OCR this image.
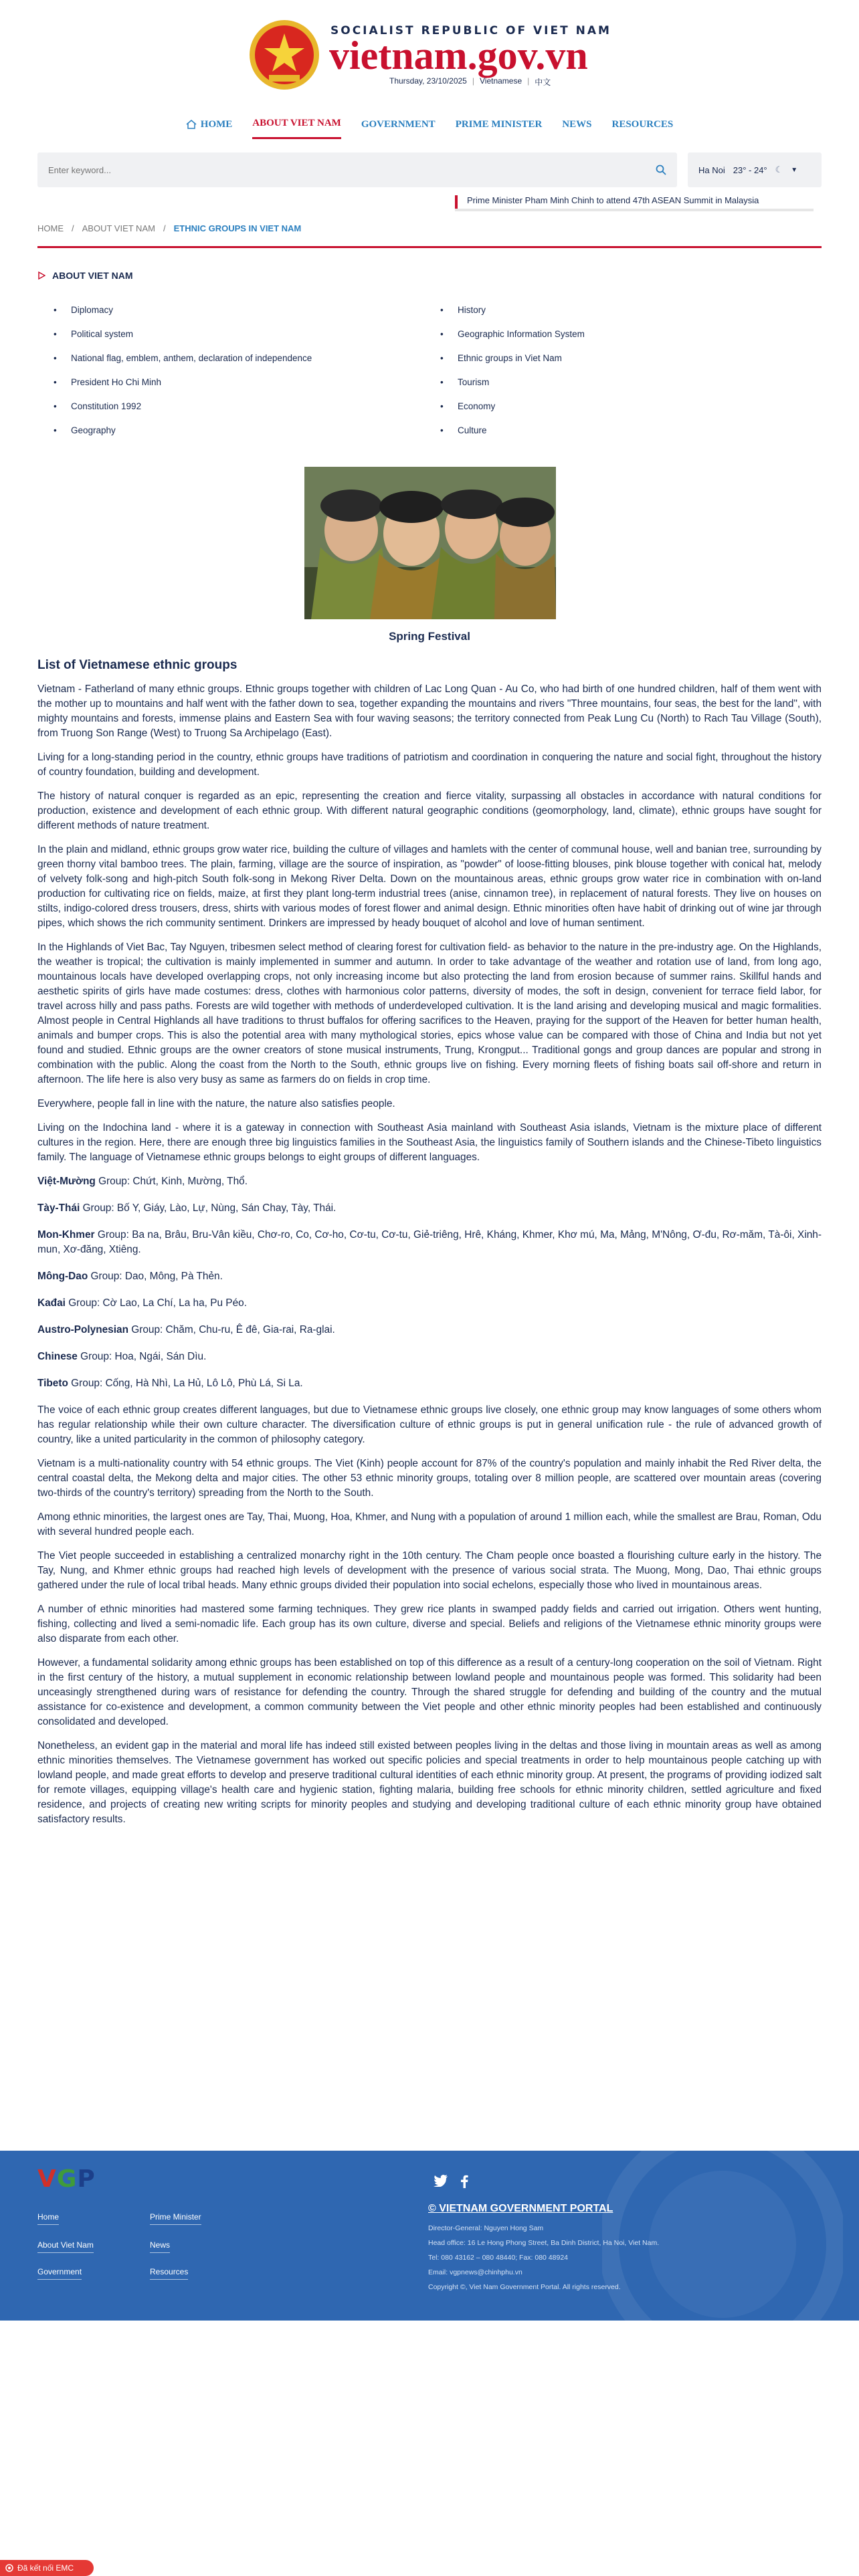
SOCIALIST REPUBLIC OF VIET NAM
vietnam.gov.vn
Thursday, 23/10/2025 | Vietnamese | 中文
HOME ABOUT VIET NAM GOVERNMENT PRIME MINISTER NEWS RESOURCES
Enter keyword...
Ha Noi 23° - 24° ☾ ▼
Prime Minister Pham Minh Chinh to attend 47th ASEAN Summit in Malaysia
HOME / ABOUT VIET NAM / ETHNIC GROUPS IN VIET NAM
ABOUT VIET NAM
• Diplomacy
• Political system
• National flag, emblem, anthem, declaration of independence
• President Ho Chi Minh
• Constitution 1992
• Geography
• History
• Geographic Information System
• Ethnic groups in Viet Nam
• Tourism
• Economy
• Culture
Spring Festival
List of Vietnamese ethnic groups

Vietnam - Fatherland of many ethnic groups. Ethnic groups together with children of Lac Long Quan - Au Co, who had birth of one hundred children, half of them went with the mother up to mountains and half went with the father down to sea, together expanding the mountains and rivers "Three mountains, four seas, the best for the land", with mighty mountains and forests, immense plains and Eastern Sea with four waving seasons; the territory connected from Peak Lung Cu (North) to Rach Tau Village (South), from Truong Son Range (West) to Truong Sa Archipelago (East).

Living for a long-standing period in the country, ethnic groups have traditions of patriotism and coordination in conquering the nature and social fight, throughout the history of country foundation, building and development.

The history of natural conquer is regarded as an epic, representing the creation and fierce vitality, surpassing all obstacles in accordance with natural conditions for production, existence and development of each ethnic group. With different natural geographic conditions (geomorphology, land, climate), ethnic groups have sought for different methods of nature treatment.

In the plain and midland, ethnic groups grow water rice, building the culture of villages and hamlets with the center of communal house, well and banian tree, surrounding by green thorny vital bamboo trees. The plain, farming, village are the source of inspiration, as "powder" of loose-fitting blouses, pink blouse together with conical hat, melody of velvety folk-song and high-pitch South folk-song in Mekong River Delta. Down on the mountainous areas, ethnic groups grow water rice in combination with on-land production for cultivating rice on fields, maize, at first they plant long-term industrial trees (anise, cinnamon tree), in replacement of natural forests. They live on houses on stilts, indigo-colored dress trousers, dress, shirts with various modes of forest flower and animal design. Ethnic minorities often have habit of drinking out of wine jar through pipes, which shows the rich community sentiment. Drinkers are impressed by heady bouquet of alcohol and love of human sentiment.

In the Highlands of Viet Bac, Tay Nguyen, tribesmen select method of clearing forest for cultivation field- as behavior to the nature in the pre-industry age. On the Highlands, the weather is tropical; the cultivation is mainly implemented in summer and autumn. In order to take advantage of the weather and rotation use of land, from long ago, mountainous locals have developed overlapping crops, not only increasing income but also protecting the land from erosion because of summer rains. Skillful hands and aesthetic spirits of girls have made costumes: dress, clothes with harmonious color patterns, diversity of modes, the soft in design, convenient for terrace field labor, for travel across hilly and pass paths. Forests are wild together with methods of underdeveloped cultivation. It is the land arising and developing musical and magic formalities. Almost people in Central Highlands all have traditions to thrust buffalos for offering sacrifices to the Heaven, praying for the support of the Heaven for better human health, animals and bumper crops. This is also the potential area with many mythological stories, epics whose value can be compared with those of China and India but not yet found and studied. Ethnic groups are the owner creators of stone musical instruments, Trung, Krongput... Traditional gongs and group dances are popular and strong in combination with the public. Along the coast from the North to the South, ethnic groups live on fishing. Every morning fleets of fishing boats sail off-shore and return in afternoon. The life here is also very busy as same as farmers do on fields in crop time.

Everywhere, people fall in line with the nature, the nature also satisfies people.

Living on the Indochina land - where it is a gateway in connection with Southeast Asia mainland with Southeast Asia islands, Vietnam is the mixture place of different cultures in the region. Here, there are enough three big linguistics families in the Southeast Asia, the linguistics family of Southern islands and the Chinese-Tibeto linguistics family. The language of Vietnamese ethnic groups belongs to eight groups of different languages.

Việt-Mường Group: Chứt, Kinh, Mường, Thổ.

Tày-Thái Group: Bố Y, Giáy, Lào, Lự, Nùng, Sán Chay, Tày, Thái.

Mon-Khmer Group: Ba na, Brâu, Bru-Vân kiều, Chơ-ro, Co, Cơ-ho, Cơ-tu, Cơ-tu, Giẻ-triêng, Hrê, Kháng, Khmer, Khơ mú, Ma, Mảng, M'Nông, Ơ-đu, Rơ-măm, Tà-ôi, Xinh-mun, Xơ-đăng, Xtiêng.

Mông-Dao Group: Dao, Mông, Pà Thẻn.

Kađai Group: Cờ Lao, La Chí, La ha, Pu Péo.

Austro-Polynesian Group: Chăm, Chu-ru, Ê đê, Gia-rai, Ra-glai.

Chinese Group: Hoa, Ngái, Sán Dìu.

Tibeto Group: Cống, Hà Nhì, La Hủ, Lô Lô, Phù Lá, Si La.

The voice of each ethnic group creates different languages, but due to Vietnamese ethnic groups live closely, one ethnic group may know languages of some others whom has regular relationship while their own culture character. The diversification culture of ethnic groups is put in general unification rule - the rule of advanced growth of country, like a united particularity in the common of philosophy category.

Vietnam is a multi-nationality country with 54 ethnic groups. The Viet (Kinh) people account for 87% of the country's population and mainly inhabit the Red River delta, the central coastal delta, the Mekong delta and major cities. The other 53 ethnic minority groups, totaling over 8 million people, are scattered over mountain areas (covering two-thirds of the country's territory) spreading from the North to the South.

Among ethnic minorities, the largest ones are Tay, Thai, Muong, Hoa, Khmer, and Nung with a population of around 1 million each, while the smallest are Brau, Roman, Odu with several hundred people each.

The Viet people succeeded in establishing a centralized monarchy right in the 10th century. The Cham people once boasted a flourishing culture early in the history. The Tay, Nung, and Khmer ethnic groups had reached high levels of development with the presence of various social strata. The Muong, Mong, Dao, Thai ethnic groups gathered under the rule of local tribal heads. Many ethnic groups divided their population into social echelons, especially those who lived in mountainous areas.

A number of ethnic minorities had mastered some farming techniques. They grew rice plants in swamped paddy fields and carried out irrigation. Others went hunting, fishing, collecting and lived a semi-nomadic life. Each group has its own culture, diverse and special. Beliefs and religions of the Vietnamese ethnic minority groups were also disparate from each other.

However, a fundamental solidarity among ethnic groups has been established on top of this difference as a result of a century-long cooperation on the soil of Vietnam. Right in the first century of the history, a mutual supplement in economic relationship between lowland people and mountainous people was formed. This solidarity had been unceasingly strengthened during wars of resistance for defending the country. Through the shared struggle for defending and building of the country and the mutual assistance for co-existence and development, a common community between the Viet people and other ethnic minority peoples had been established and continuously consolidated and developed.

Nonetheless, an evident gap in the material and moral life has indeed still existed between peoples living in the deltas and those living in mountain areas as well as among ethnic minorities themselves. The Vietnamese government has worked out specific policies and special treatments in order to help mountainous people catching up with lowland people, and made great efforts to develop and preserve traditional cultural identities of each ethnic minority group. At present, the programs of providing iodized salt for remote villages, equipping village's health care and hygienic station, fighting malaria, building free schools for ethnic minority children, settled agriculture and fixed residence, and projects of creating new writing scripts for minority peoples and studying and developing traditional culture of each ethnic minority group have obtained satisfactory results.

VGP
Home
About Viet Nam
Government
Prime Minister
News
Resources
© VIETNAM GOVERNMENT PORTAL
Director-General: Nguyen Hong Sam
Head office: 16 Le Hong Phong Street, Ba Dinh District, Ha Noi, Viet Nam.
Tel: 080 43162 – 080 48440; Fax: 080 48924
Email: vgpnews@chinhphu.vn
Copyright ©, Viet Nam Government Portal. All rights reserved.
Đã kết nối EMC
